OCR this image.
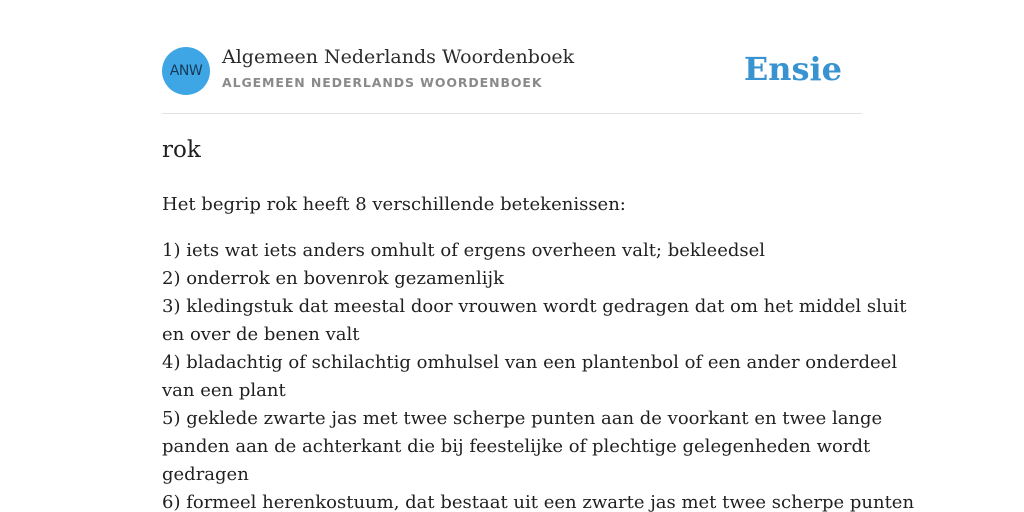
ANW
Algemeen Nederlands Woordenboek
ALGEMEEN NEDERLANDS WOORDENBOEK	Ensie
rok

Het begrip rok heeft 8 verschillende betekenissen:

1) iets wat iets anders omhult of ergens overheen valt; bekleedsel
2) onderrok en bovenrok gezamenlijk
3) kledingstuk dat meestal door vrouwen wordt gedragen dat om het middel sluit
en over de benen valt
4) bladachtig of schilachtig omhulsel van een plantenbol of een ander onderdeel
van een plant
5) geklede zwarte jas met twee scherpe punten aan de voorkant en twee lange
panden aan de achterkant die bij feestelijke of plechtige gelegenheden wordt
gedragen
6) formeel herenkostuum, dat bestaat uit een zwarte jas met twee scherpe punten
